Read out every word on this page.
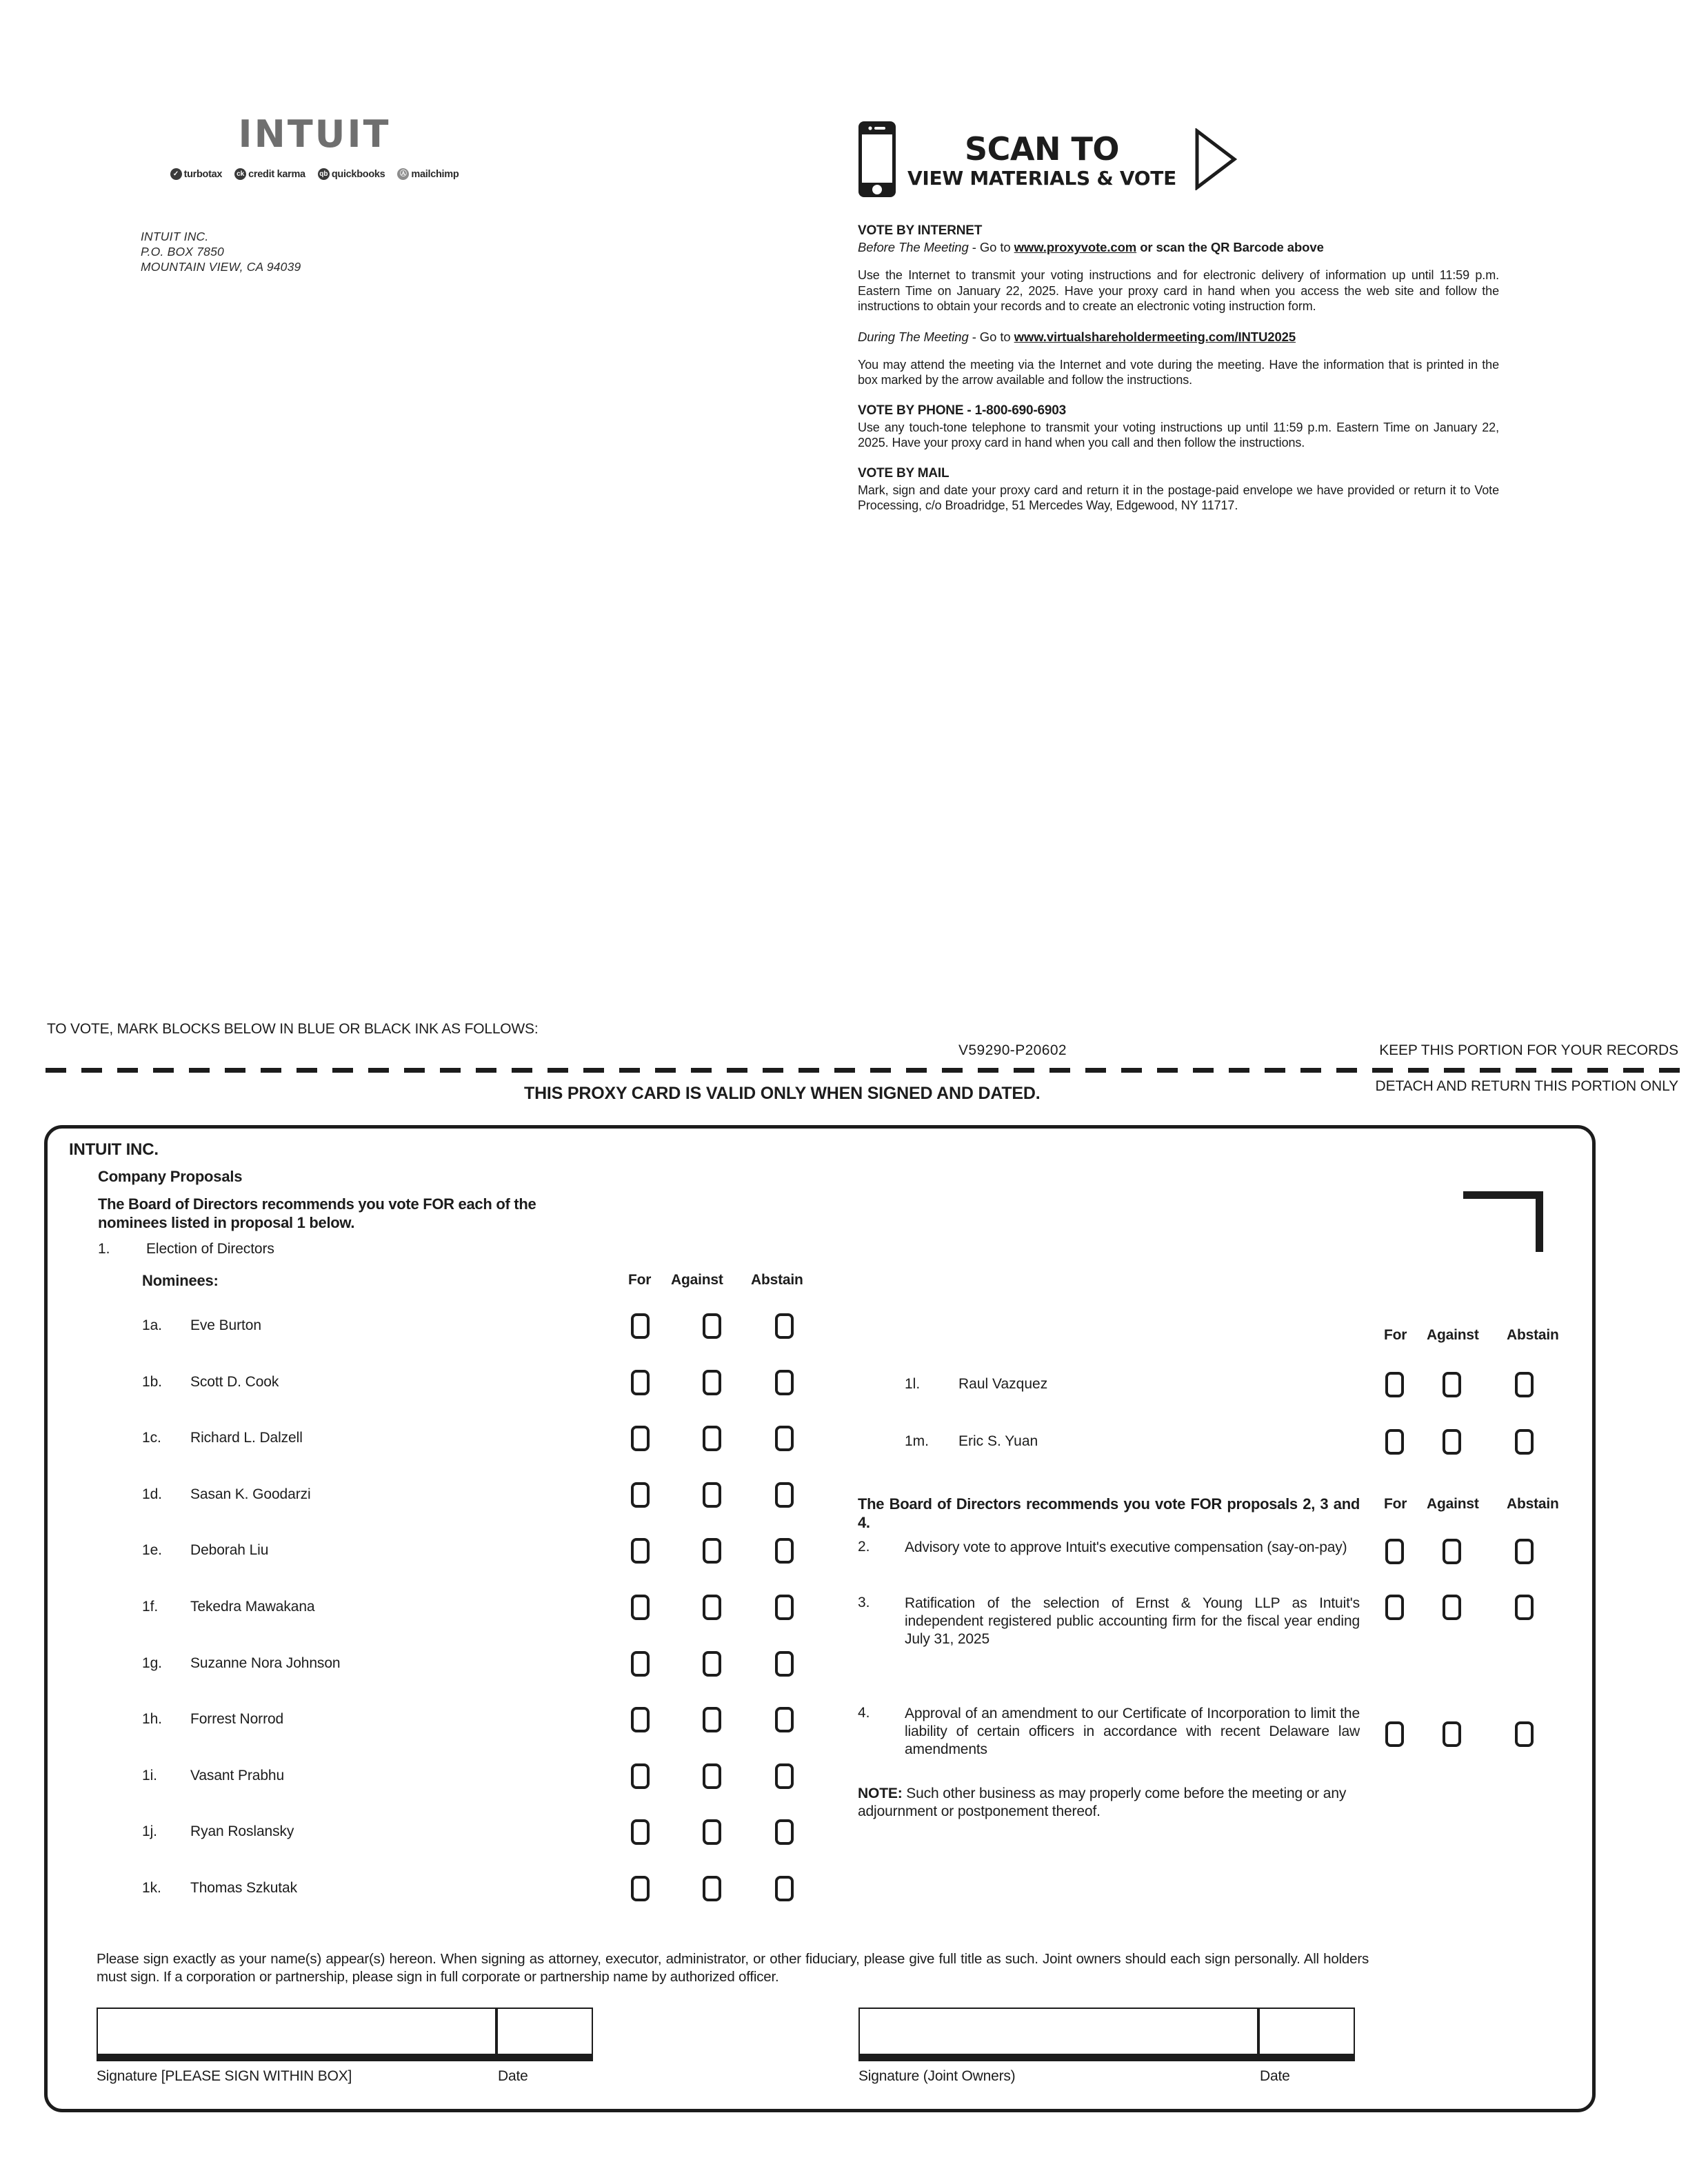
INTUIT
✓ turbotax ck credit karma qb quickbooks	Ⓐ mailchimp
INTUIT INC.
P.O. BOX 7850
MOUNTAIN VIEW, CA 94039
SCAN TO
VIEW MATERIALS & VOTE
VOTE BY INTERNET
Before The Meeting - Go to www.proxyvote.com or scan the QR Barcode above
Use the Internet to transmit your voting instructions and for electronic delivery of information up until 11:59 p.m. Eastern Time on January 22, 2025. Have your proxy card in hand when you access the web site and follow the instructions to obtain your records and to create an electronic voting instruction form.
During The Meeting - Go to www.virtualshareholdermeeting.com/INTU2025
You may attend the meeting via the Internet and vote during the meeting. Have the information that is printed in the box marked by the arrow available and follow the instructions.
VOTE BY PHONE - 1-800-690-6903
Use any touch-tone telephone to transmit your voting instructions up until 11:59 p.m. Eastern Time on January 22, 2025. Have your proxy card in hand when you call and then follow the instructions.
VOTE BY MAIL
Mark, sign and date your proxy card and return it in the postage-paid envelope we have provided or return it to Vote Processing, c/o Broadridge, 51 Mercedes Way, Edgewood, NY 11717.
TO VOTE, MARK BLOCKS BELOW IN BLUE OR BLACK INK AS FOLLOWS:
V59290-P20602	KEEP THIS PORTION FOR YOUR RECORDS
DETACH AND RETURN THIS PORTION ONLY
THIS PROXY CARD IS VALID ONLY WHEN SIGNED AND DATED.
INTUIT INC.
Company Proposals
The Board of Directors recommends you vote FOR each of the nominees listed in proposal 1 below.
1. Election of Directors
Nominees:	For Against Abstain
For Against Abstain
For Against Abstain
1a. Eve Burton
1b. Scott D. Cook
1c. Richard L. Dalzell
1d. Sasan K. Goodarzi
1e. Deborah Liu
1f. Tekedra Mawakana
1g. Suzanne Nora Johnson
1h. Forrest Norrod
1i. Vasant Prabhu
1j. Ryan Roslansky
1k. Thomas Szkutak
1l.	Raul Vazquez
1m. Eric S. Yuan
The Board of Directors recommends you vote FOR proposals 2, 3 and 4.
2. Advisory vote to approve Intuit's executive compensation (say-on-pay)
3. Ratification of the selection of Ernst & Young LLP as Intuit's independent registered public accounting firm for the fiscal year ending July 31, 2025
4. Approval of an amendment to our Certificate of Incorporation to limit the liability of certain officers in accordance with recent Delaware law amendments
NOTE: Such other business as may properly come before the meeting or any adjournment or postponement thereof.
Please sign exactly as your name(s) appear(s) hereon. When signing as attorney, executor, administrator, or other fiduciary, please give full title as such. Joint owners should each sign personally. All holders must sign. If a corporation or partnership, please sign in full corporate or partnership name by authorized officer.
Signature [PLEASE SIGN WITHIN BOX]	Date	Signature (Joint Owners)	Date
